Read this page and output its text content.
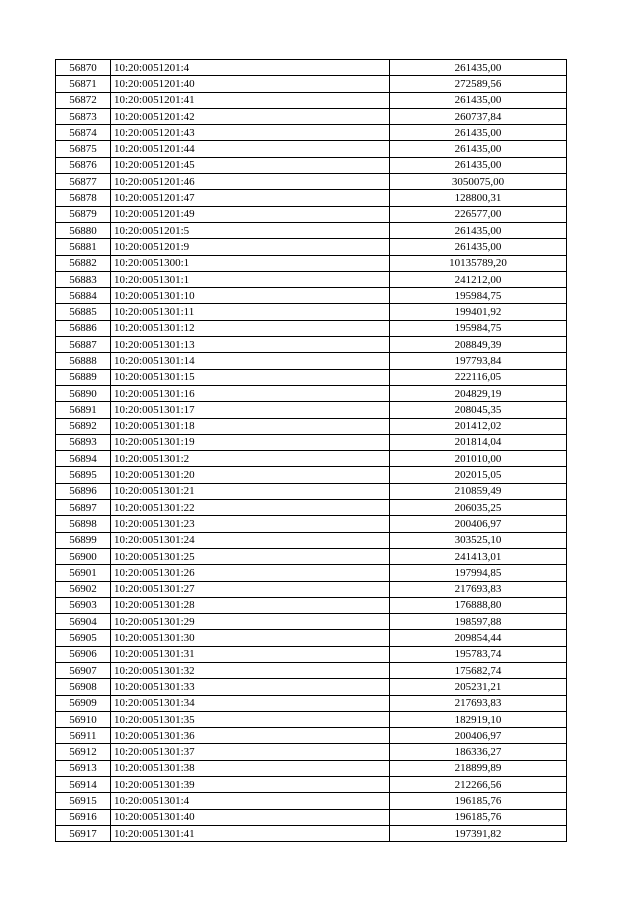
56870	10:20:0051201:4	261435,00
56871	10:20:0051201:40	272589,56
56872	10:20:0051201:41	261435,00
56873	10:20:0051201:42	260737,84
56874	10:20:0051201:43	261435,00
56875	10:20:0051201:44	261435,00
56876	10:20:0051201:45	261435,00
56877	10:20:0051201:46	3050075,00
56878	10:20:0051201:47	128800,31
56879	10:20:0051201:49	226577,00
56880	10:20:0051201:5	261435,00
56881	10:20:0051201:9	261435,00
56882	10:20:0051300:1	10135789,20
56883	10:20:0051301:1	241212,00
56884	10:20:0051301:10	195984,75
56885	10:20:0051301:11	199401,92
56886	10:20:0051301:12	195984,75
56887	10:20:0051301:13	208849,39
56888	10:20:0051301:14	197793,84
56889	10:20:0051301:15	222116,05
56890	10:20:0051301:16	204829,19
56891	10:20:0051301:17	208045,35
56892	10:20:0051301:18	201412,02
56893	10:20:0051301:19	201814,04
56894	10:20:0051301:2	201010,00
56895	10:20:0051301:20	202015,05
56896	10:20:0051301:21	210859,49
56897	10:20:0051301:22	206035,25
56898	10:20:0051301:23	200406,97
56899	10:20:0051301:24	303525,10
56900	10:20:0051301:25	241413,01
56901	10:20:0051301:26	197994,85
56902	10:20:0051301:27	217693,83
56903	10:20:0051301:28	176888,80
56904	10:20:0051301:29	198597,88
56905	10:20:0051301:30	209854,44
56906	10:20:0051301:31	195783,74
56907	10:20:0051301:32	175682,74
56908	10:20:0051301:33	205231,21
56909	10:20:0051301:34	217693,83
56910	10:20:0051301:35	182919,10
56911	10:20:0051301:36	200406,97
56912	10:20:0051301:37	186336,27
56913	10:20:0051301:38	218899,89
56914	10:20:0051301:39	212266,56
56915	10:20:0051301:4	196185,76
56916	10:20:0051301:40	196185,76
56917	10:20:0051301:41	197391,82
